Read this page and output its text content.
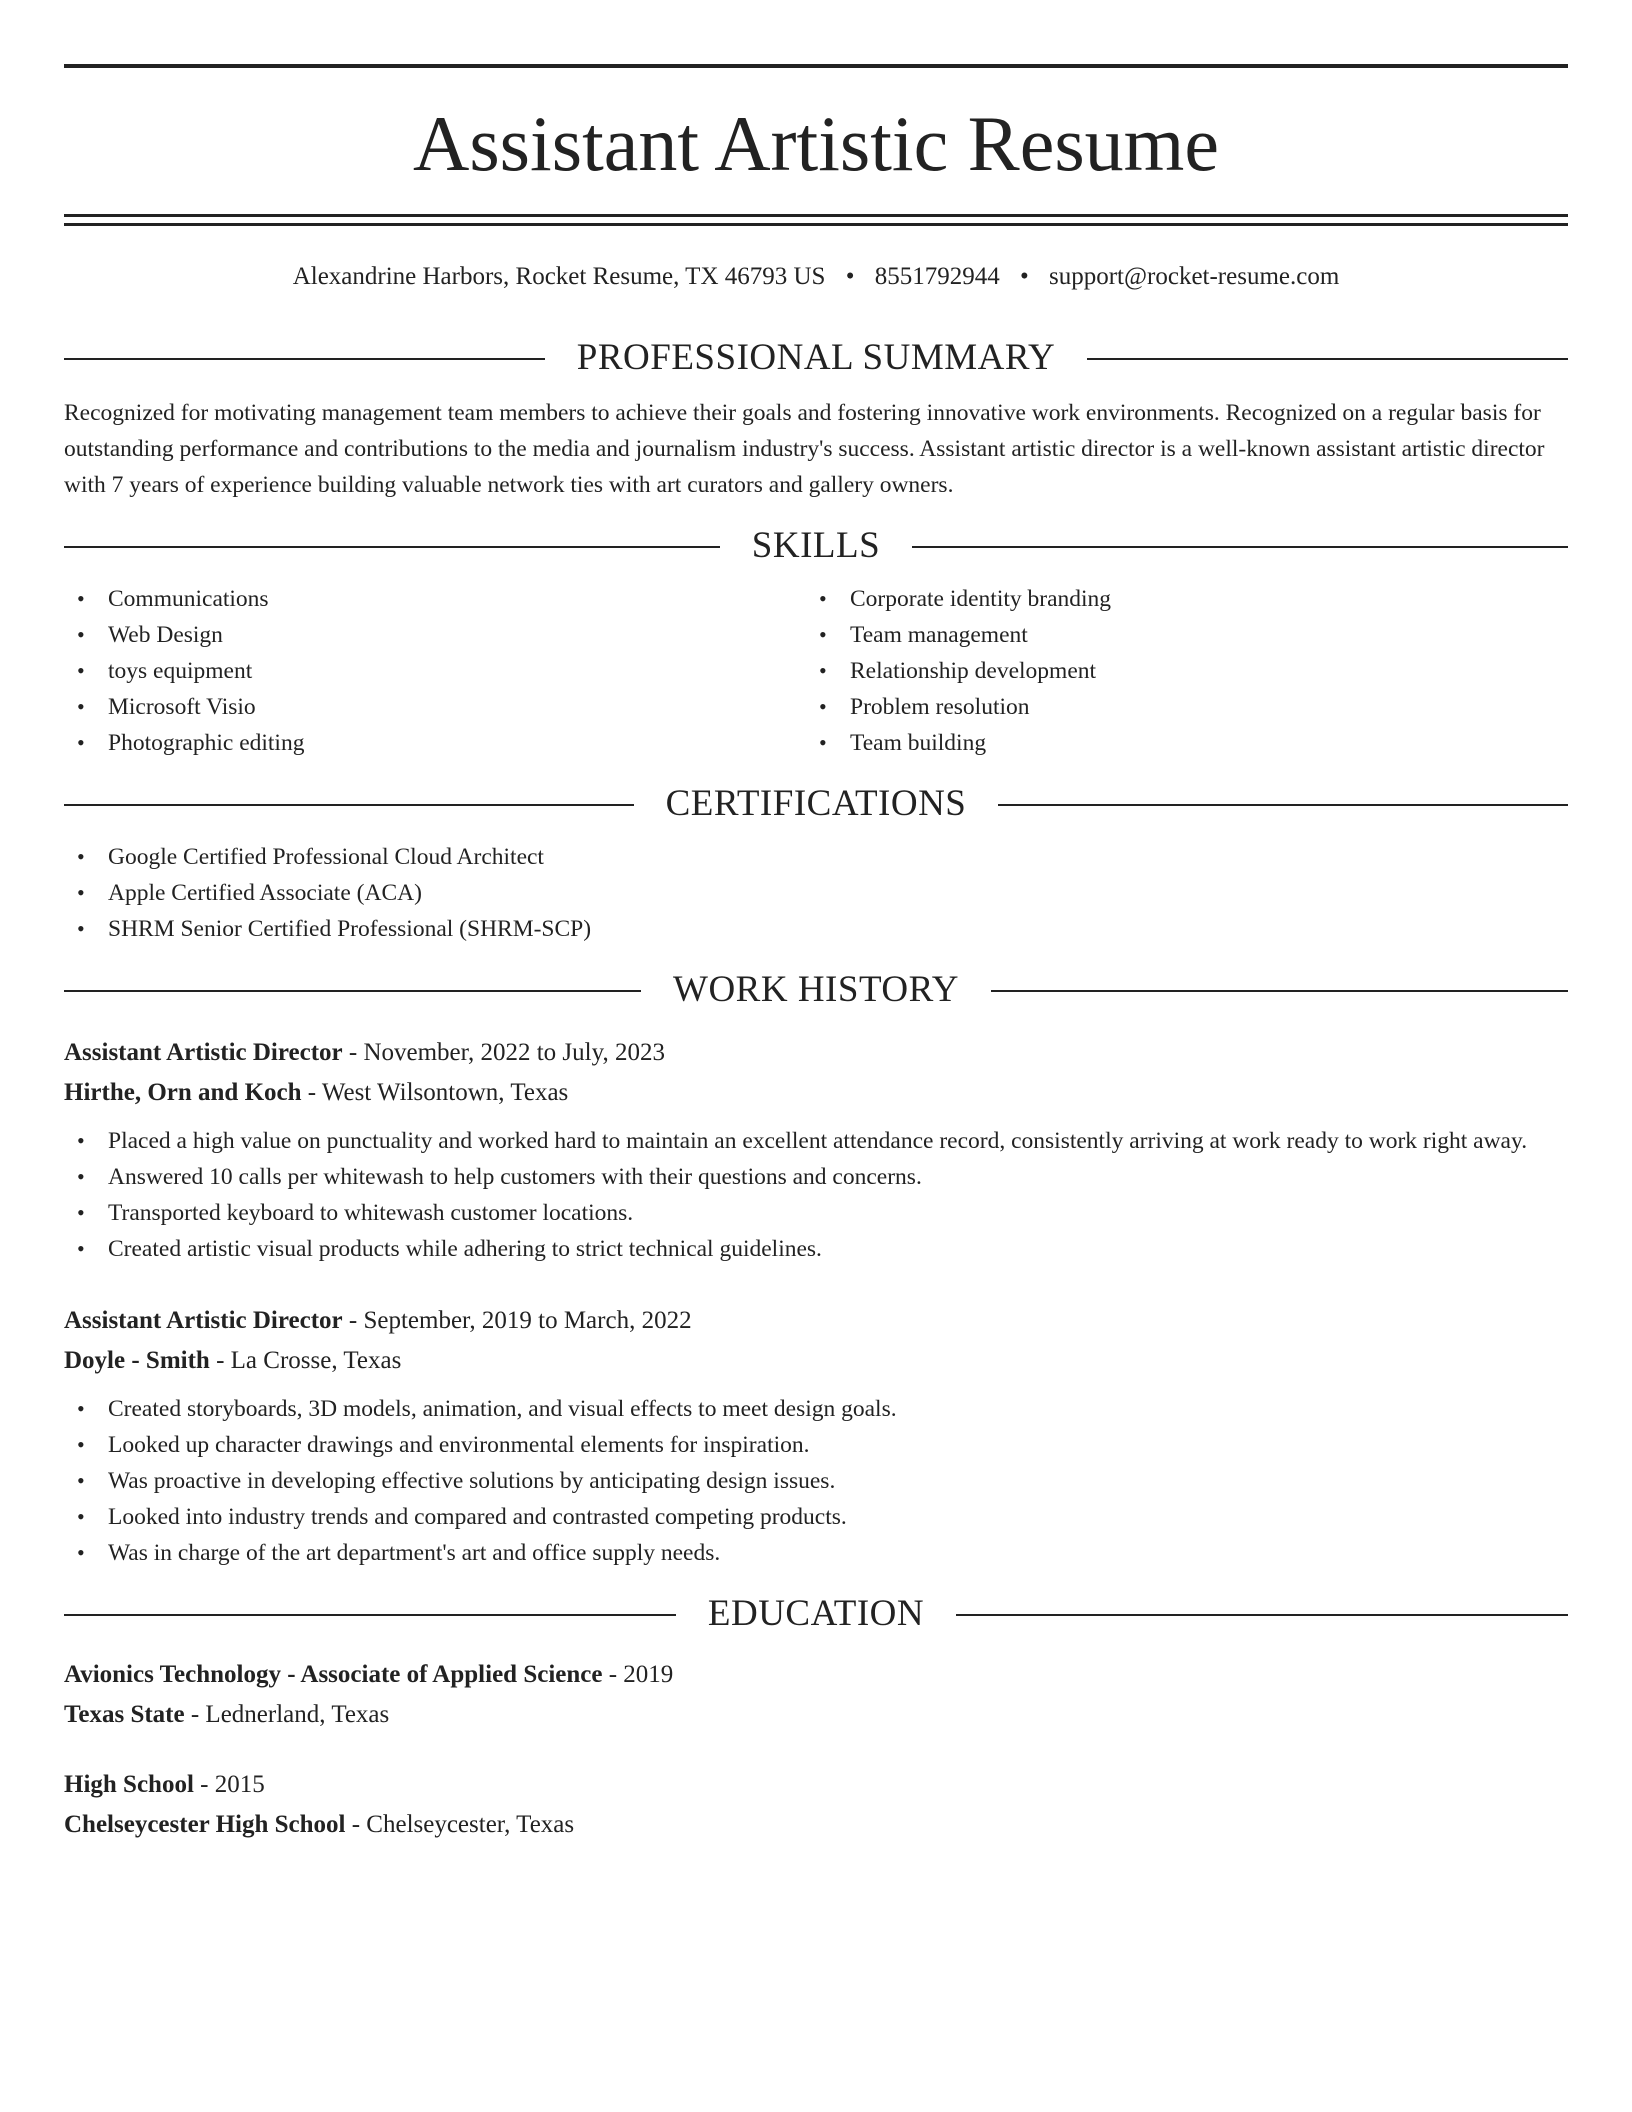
Assistant Artistic Resume
Alexandrine Harbors, Rocket Resume, TX 46793 US • 8551792944 • support@rocket-resume.com
PROFESSIONAL SUMMARY

Recognized for motivating management team members to achieve their goals and fostering innovative work environments. Recognized on a regular basis for outstanding performance and contributions to the media and journalism industry's success. Assistant artistic director is a well-known assistant artistic director with 7 years of experience building valuable network ties with art curators and gallery owners.

SKILLS
• Communications
• Web Design
• toys equipment
• Microsoft Visio
• Photographic editing
• Corporate identity branding
• Team management
• Relationship development
• Problem resolution
• Team building
CERTIFICATIONS
• Google Certified Professional Cloud Architect
• Apple Certified Associate (ACA)
• SHRM Senior Certified Professional (SHRM-SCP)
WORK HISTORY
Assistant Artistic Director - November, 2022 to July, 2023
Hirthe, Orn and Koch - West Wilsontown, Texas
• Placed a high value on punctuality and worked hard to maintain an excellent attendance record, consistently arriving at work ready to work right away.
• Answered 10 calls per whitewash to help customers with their questions and concerns.
• Transported keyboard to whitewash customer locations.
• Created artistic visual products while adhering to strict technical guidelines.
Assistant Artistic Director - September, 2019 to March, 2022
Doyle - Smith - La Crosse, Texas
• Created storyboards, 3D models, animation, and visual effects to meet design goals.
• Looked up character drawings and environmental elements for inspiration.
• Was proactive in developing effective solutions by anticipating design issues.
• Looked into industry trends and compared and contrasted competing products.
• Was in charge of the art department's art and office supply needs.
EDUCATION
Avionics Technology - Associate of Applied Science - 2019
Texas State - Lednerland, Texas
High School - 2015
Chelseycester High School - Chelseycester, Texas
